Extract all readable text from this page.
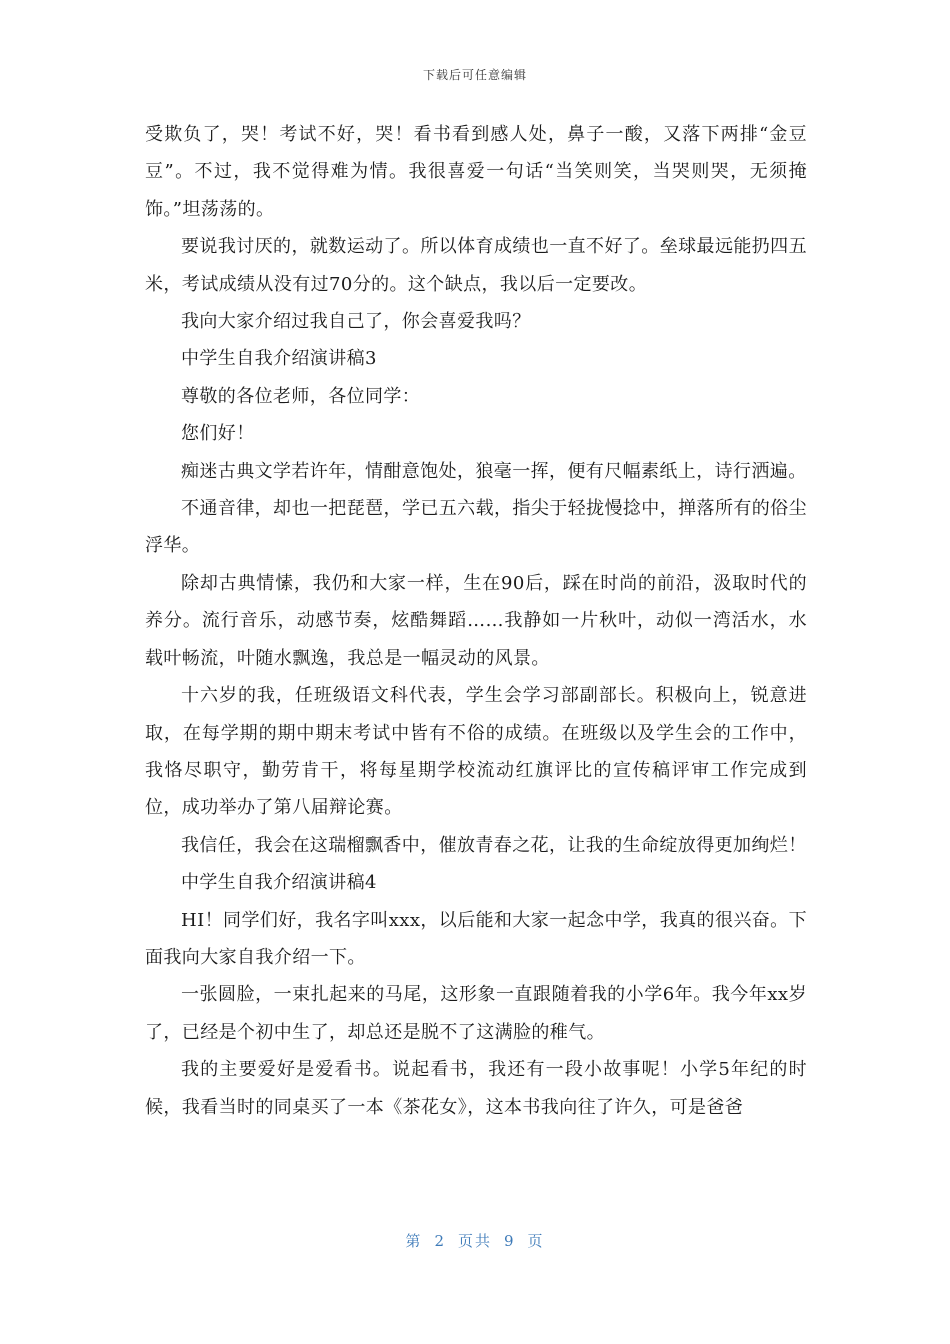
下载后可任意编辑

受欺负了，哭！考试不好，哭！看书看到感人处，鼻子一酸，又落下两排“金豆豆”。不过，我不觉得难为情。我很喜爱一句话“当笑则笑，当哭则哭，无须掩饰。”坦荡荡的。

要说我讨厌的，就数运动了。所以体育成绩也一直不好了。垒球最远能扔四五米，考试成绩从没有过70分的。这个缺点，我以后一定要改。

我向大家介绍过我自己了，你会喜爱我吗？

中学生自我介绍演讲稿3

尊敬的各位老师，各位同学：

您们好！

痴迷古典文学若许年，情酣意饱处，狼毫一挥，便有尺幅素纸上，诗行洒遍。

不通音律，却也一把琵琶，学已五六载，指尖于轻拢慢捻中，掸落所有的俗尘浮华。

除却古典情愫，我仍和大家一样，生在90后，踩在时尚的前沿，汲取时代的养分。流行音乐，动感节奏，炫酷舞蹈……我静如一片秋叶，动似一湾活水，水载叶畅流，叶随水飘逸，我总是一幅灵动的风景。

十六岁的我，任班级语文科代表，学生会学习部副部长。积极向上，锐意进取，在每学期的期中期末考试中皆有不俗的成绩。在班级以及学生会的工作中，我恪尽职守，勤劳肯干，将每星期学校流动红旗评比的宣传稿评审工作完成到位，成功举办了第八届辩论赛。

我信任，我会在这瑞榴飘香中，催放青春之花，让我的生命绽放得更加绚烂！

中学生自我介绍演讲稿4

HI！同学们好，我名字叫xxx，以后能和大家一起念中学，我真的很兴奋。下面我向大家自我介绍一下。

一张圆脸，一束扎起来的马尾，这形象一直跟随着我的小学6年。我今年xx岁了，已经是个初中生了，却总还是脱不了这满脸的稚气。

我的主要爱好是爱看书。说起看书，我还有一段小故事呢！小学5年纪的时候，我看当时的同桌买了一本《茶花女》，这本书我向往了许久，可是爸爸

第 2 页共 9 页
